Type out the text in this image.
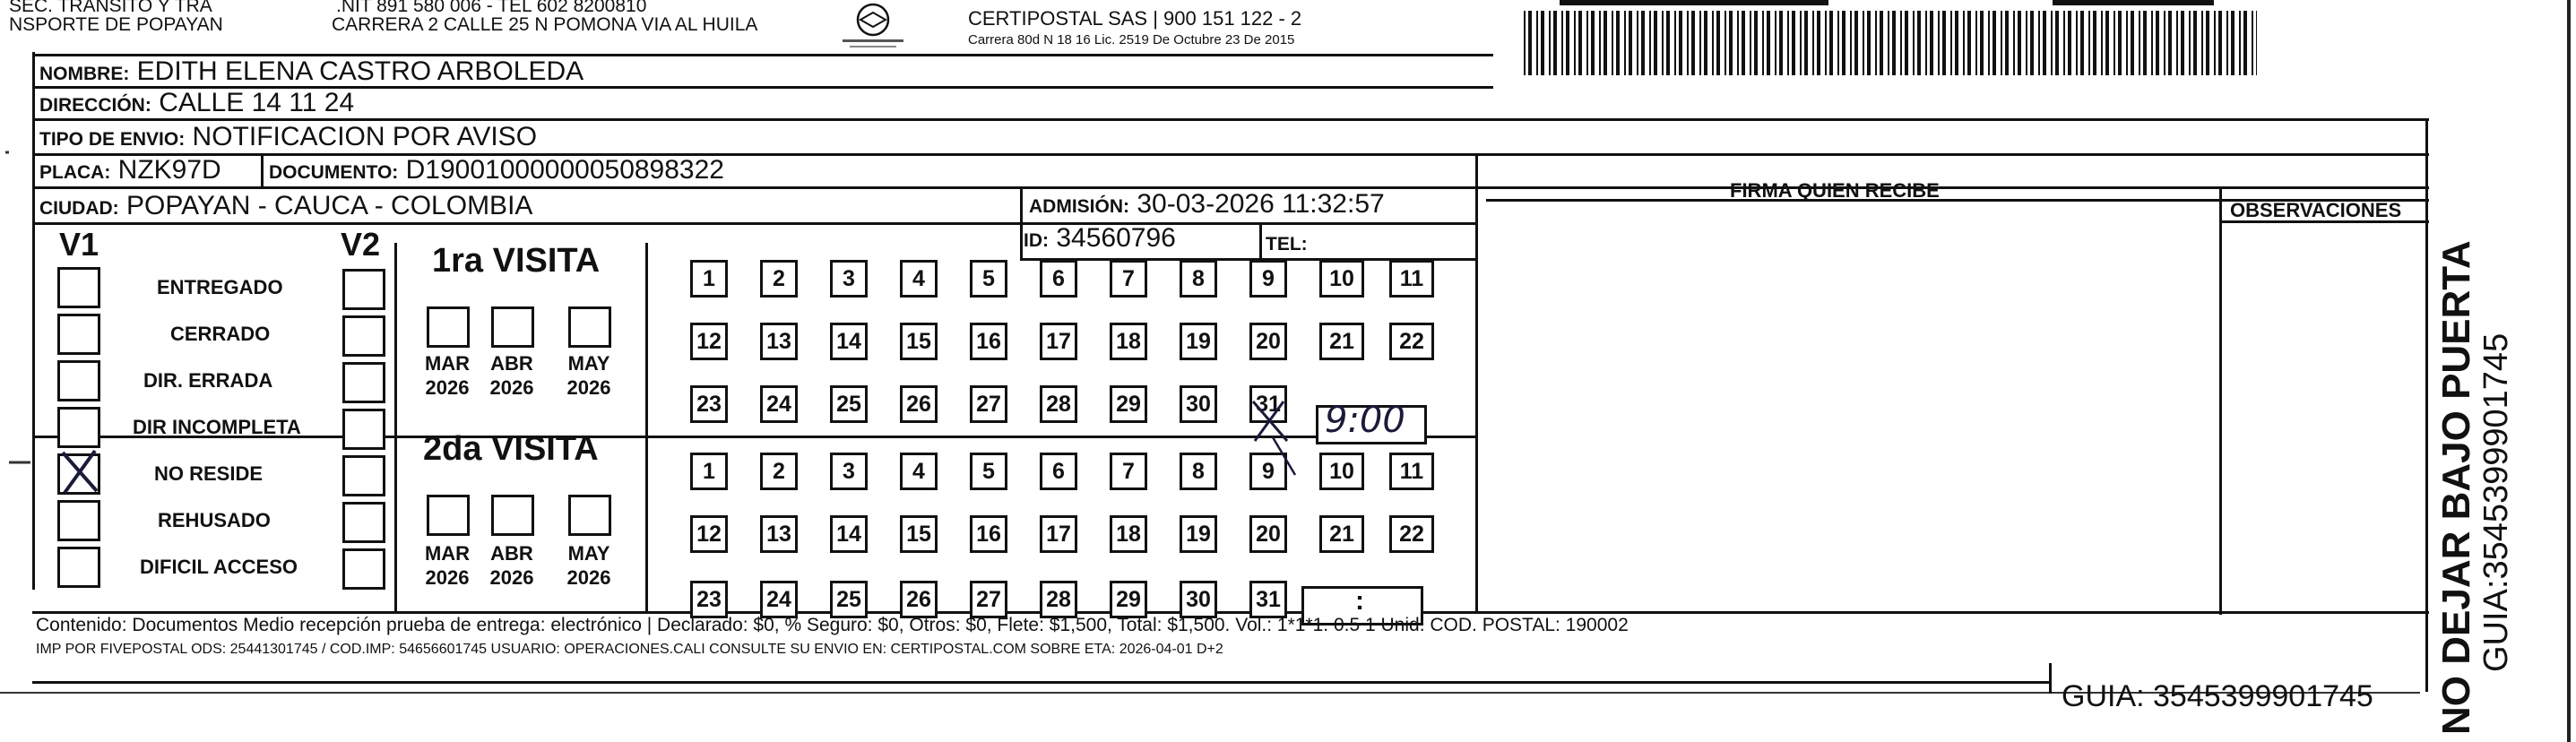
SEC. TRANSITO Y TRA
NSPORTE DE POPAYAN
.NIT 891 580 006 - TEL 602 8200810
CARRERA 2 CALLE 25 N POMONA VIA AL HUILA	CERTIPOSTAL SAS | 900 151 122 - 2
Carrera 80d N 18 16 Lic. 2519 De Octubre 23 De 2015
NOMBRE: EDITH ELENA CASTRO ARBOLEDA
DIRECCIÓN: CALLE 14 11 24
TIPO DE ENVIO: NOTIFICACION POR AVISO
PLACA: NZK97D	DOCUMENTO: D19001000000050898322
CIUDAD: POPAYAN - CAUCA - COLOMBIA	ADMISIÓN: 30-03-2026 11:32:57
ID: 34560796	TEL:
FIRMA QUIEN RECIBE
OBSERVACIONES
V1	V2
ENTREGADO
CERRADO
DIR. ERRADA
DIR INCOMPLETA
NO RESIDE
REHUSADO
DIFICIL ACCESO
1ra VISITA
2da VISITA
MAR
2026
ABR
2026
MAY
2026
MAR
2026
ABR
2026
MAY
2026
1	2	3	4	5	6	7	8	9	10	11
12 13 14 15 16 17 18 19 20	21	22
23 24 25 26 27 28 29 30 31
1	2	3	4	5	6	7	8	9	10	11
12 13 14 15 16 17 18 19 20	21	22
23 24 25 26 27 28 29 30 31
9:00
:
Contenido: Documentos Medio recepción prueba de entrega: electrónico | Declarado: $0, % Seguro: $0, Otros: $0, Flete: $1,500, Total: $1,500. Vol.: 1*1*1. 0.5 1 Unid. COD. POSTAL: 190002
IMP POR FIVEPOSTAL ODS: 25441301745 / COD.IMP: 54656601745 USUARIO: OPERACIONES.CALI CONSULTE SU ENVIO EN: CERTIPOSTAL.COM SOBRE ETA: 2026-04-01 D+2
GUIA: 3545399901745 NO DEJAR BAJO PUERTA GUIA:3545399901745
